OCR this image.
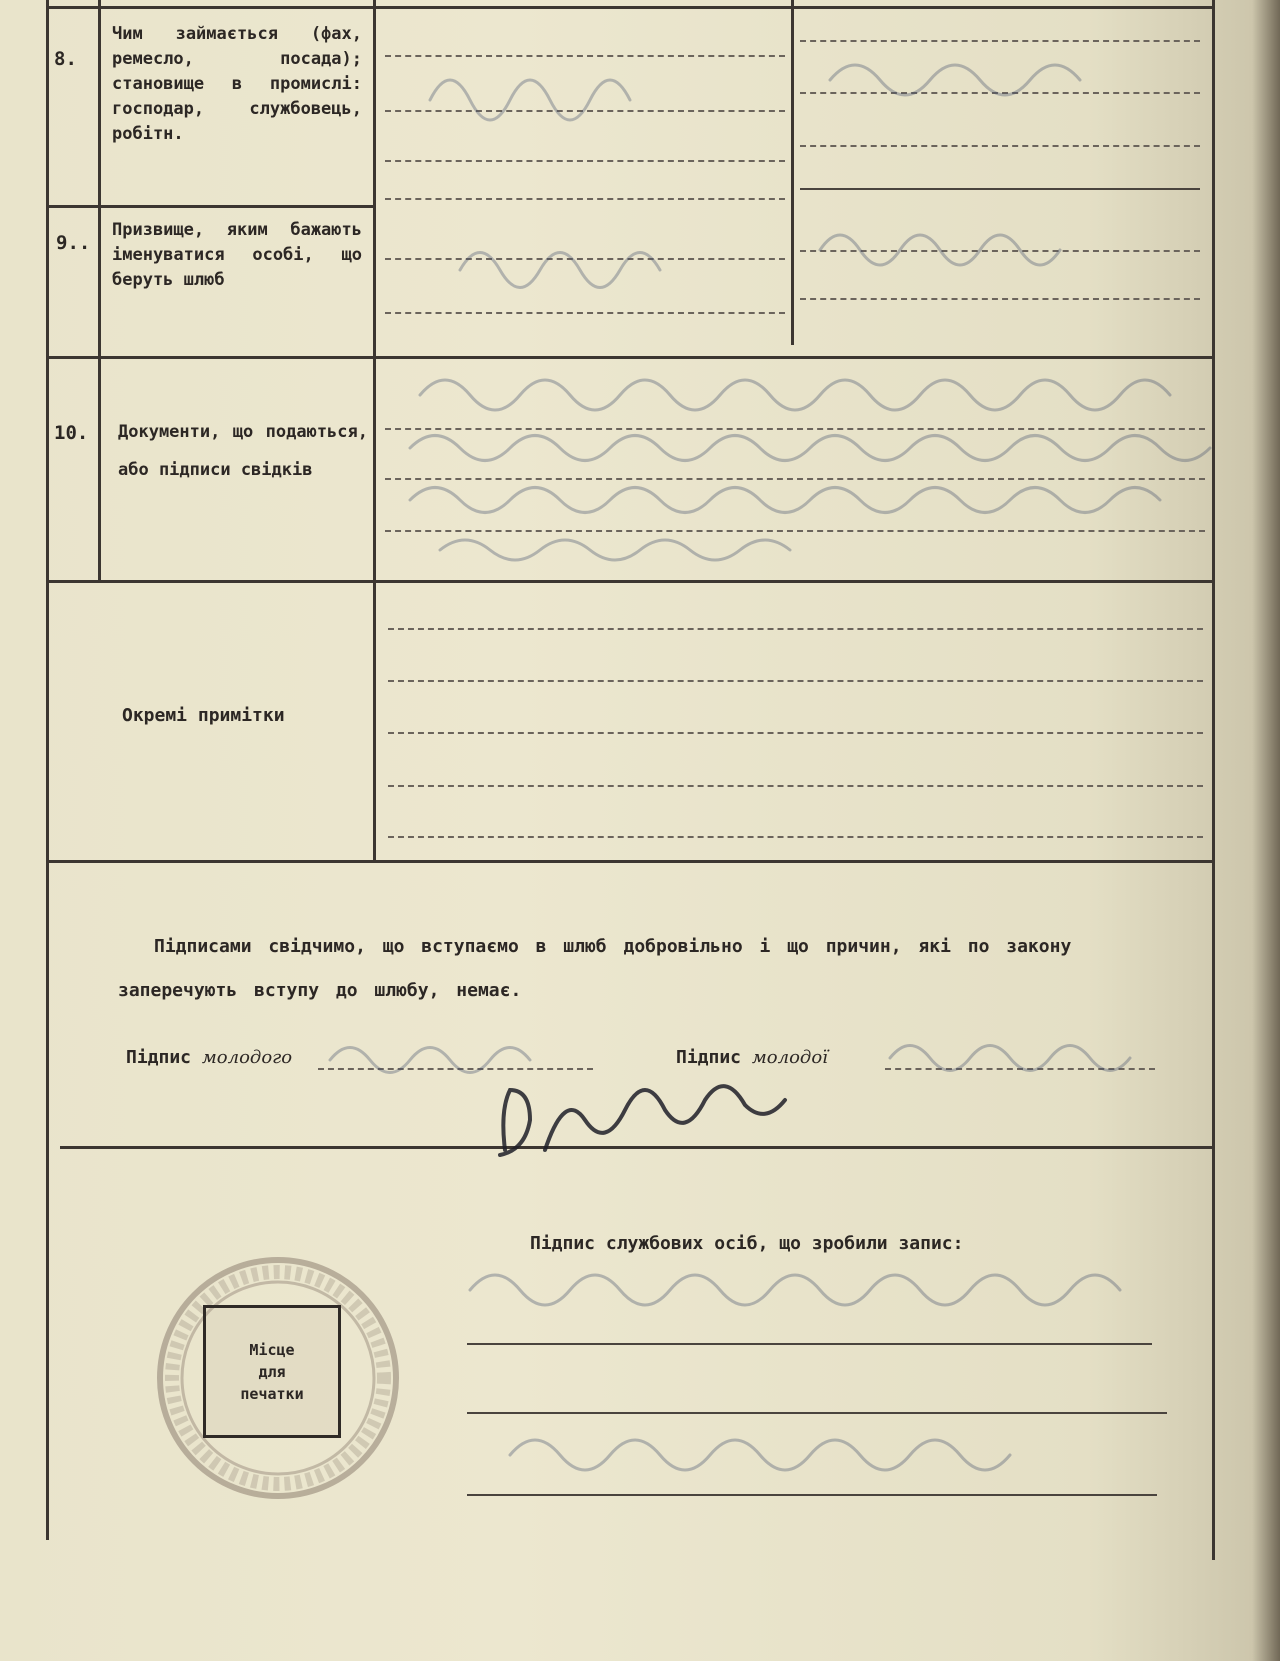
8.
Чим займається (фах, ремесло, посада); становище в промислі: господар, службовець, робітн.
9..
Призвище, яким бажають іменуватися особі, що беруть шлюб
10. Документи, що подаються, або підписи свідків
Окремі примітки
Підписами свідчимо, що вступаємо в шлюб добровільно і що причин, які по закону заперечують вступу до шлюбу, немає.
Підпис молодого	Підпис молодої
Підпис службових осіб, що зробили запис:
Місце
для
печатки
